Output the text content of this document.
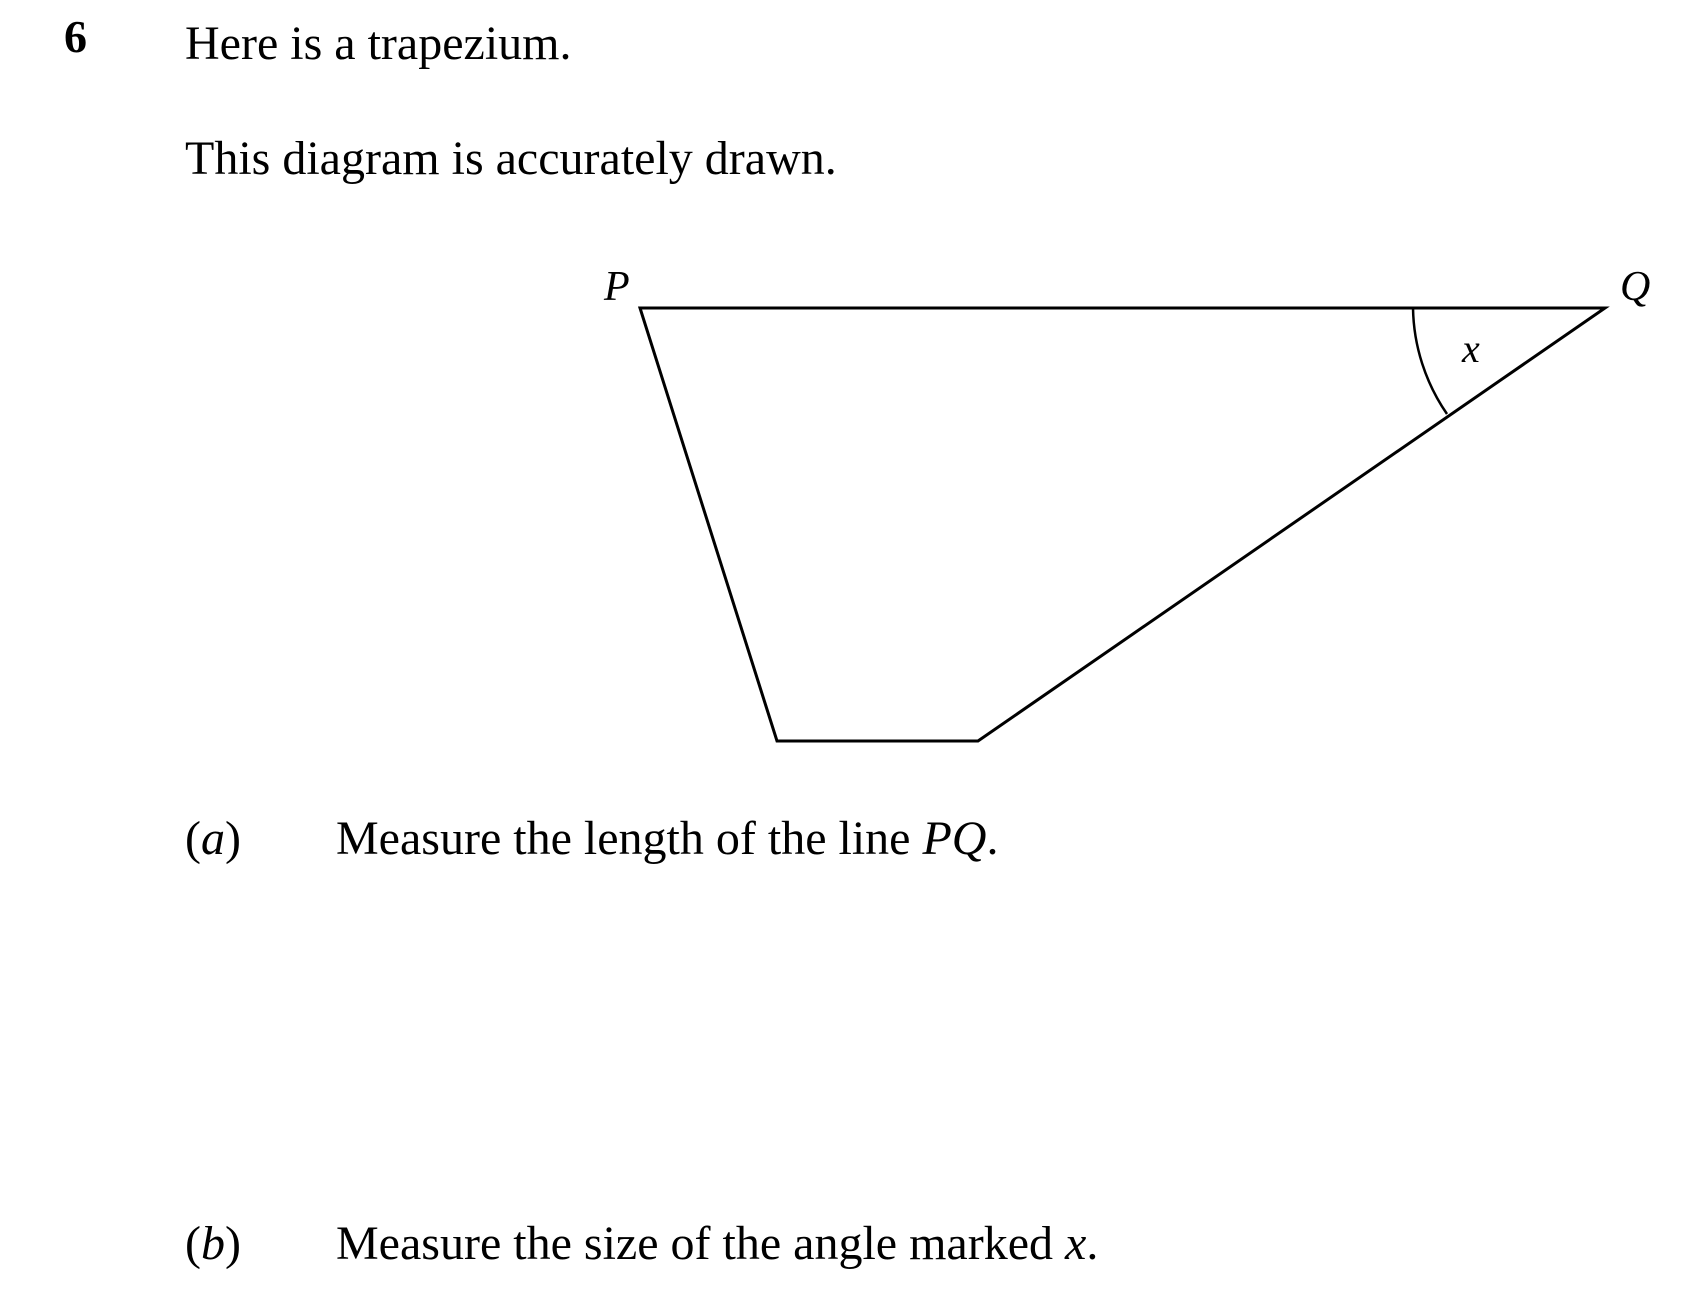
6 Here is a trapezium.
This diagram is accurately drawn.
P	Q
x
(a) Measure the length of the line PQ.
(b) Measure the size of the angle marked x.
